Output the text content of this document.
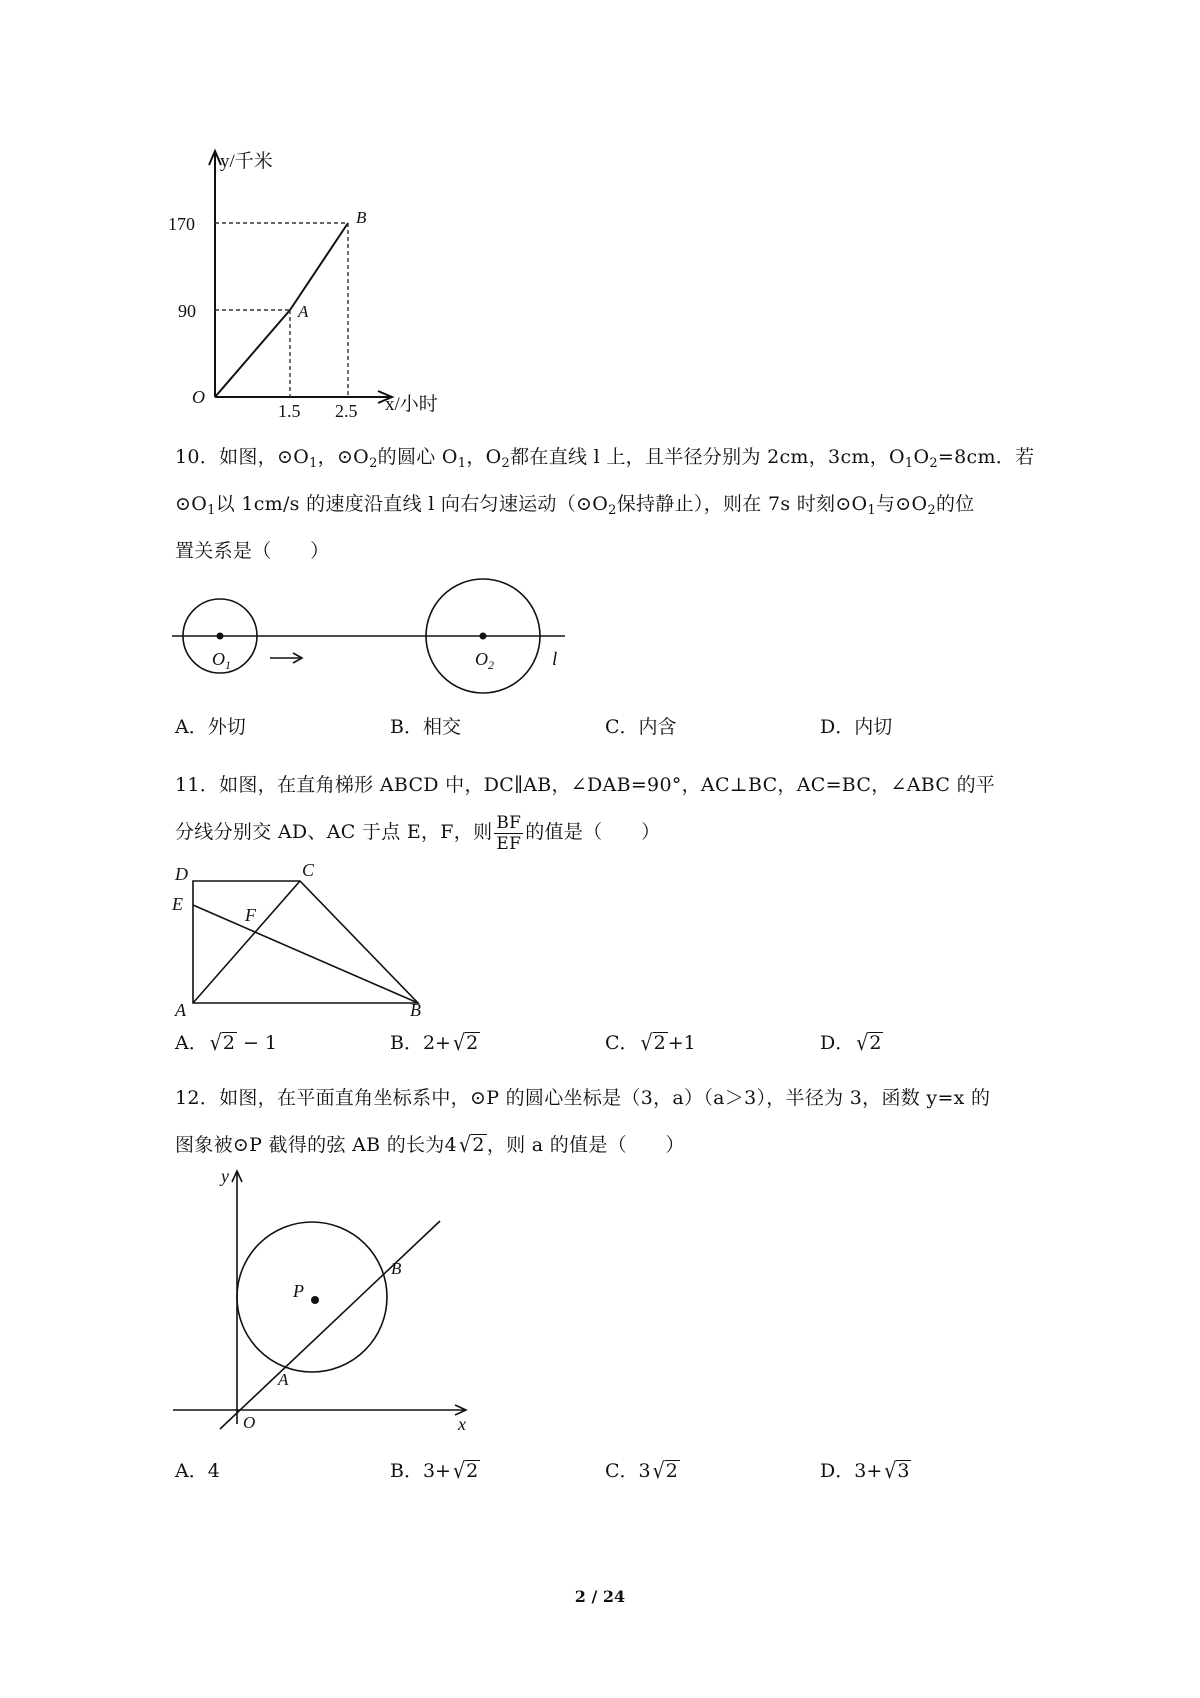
y/千米
x/小时
O
170
90
1.5 2.5
A
B
10．如图，$⊙O_1$，$⊙O_2$的圆心 $O_1$，$O_2$都在直线 l 上，且半径分别为 2cm，3cm，$O_1O_2=8cm$．若
$⊙O_1$以 1cm/s 的速度沿直线 l 向右匀速运动（$⊙O_2$保持静止），则在 7s 时刻$⊙O_1$与$⊙O_2$的位
置关系是（　　）
$O_1$	$O_2$	l
A．外切	B．相交	C．内含	D．内切
11．如图，在直角梯形 ABCD 中，DC∥AB，∠DAB=90°，AC⊥BC，AC=BC，∠ABC 的平
分线分别交 AD、AC 于点 E，F，则 $\frac{BF}{EF}$ 的值是（　　）
D	C
E
F
A	B
A． √2 − 1	B．2+ √2	C． √2 +1	D． √2
12．如图，在平面直角坐标系中，⊙P 的圆心坐标是（3，a）（a＞3），半径为 3，函数 y=x 的
图象被⊙P 截得的弦 AB 的长为4 √2 ，则 a 的值是（　　）
y
x
O
P
A
B
A．4	B．3+ √2	C．3 √2	D．3+ √3
2 / 24
